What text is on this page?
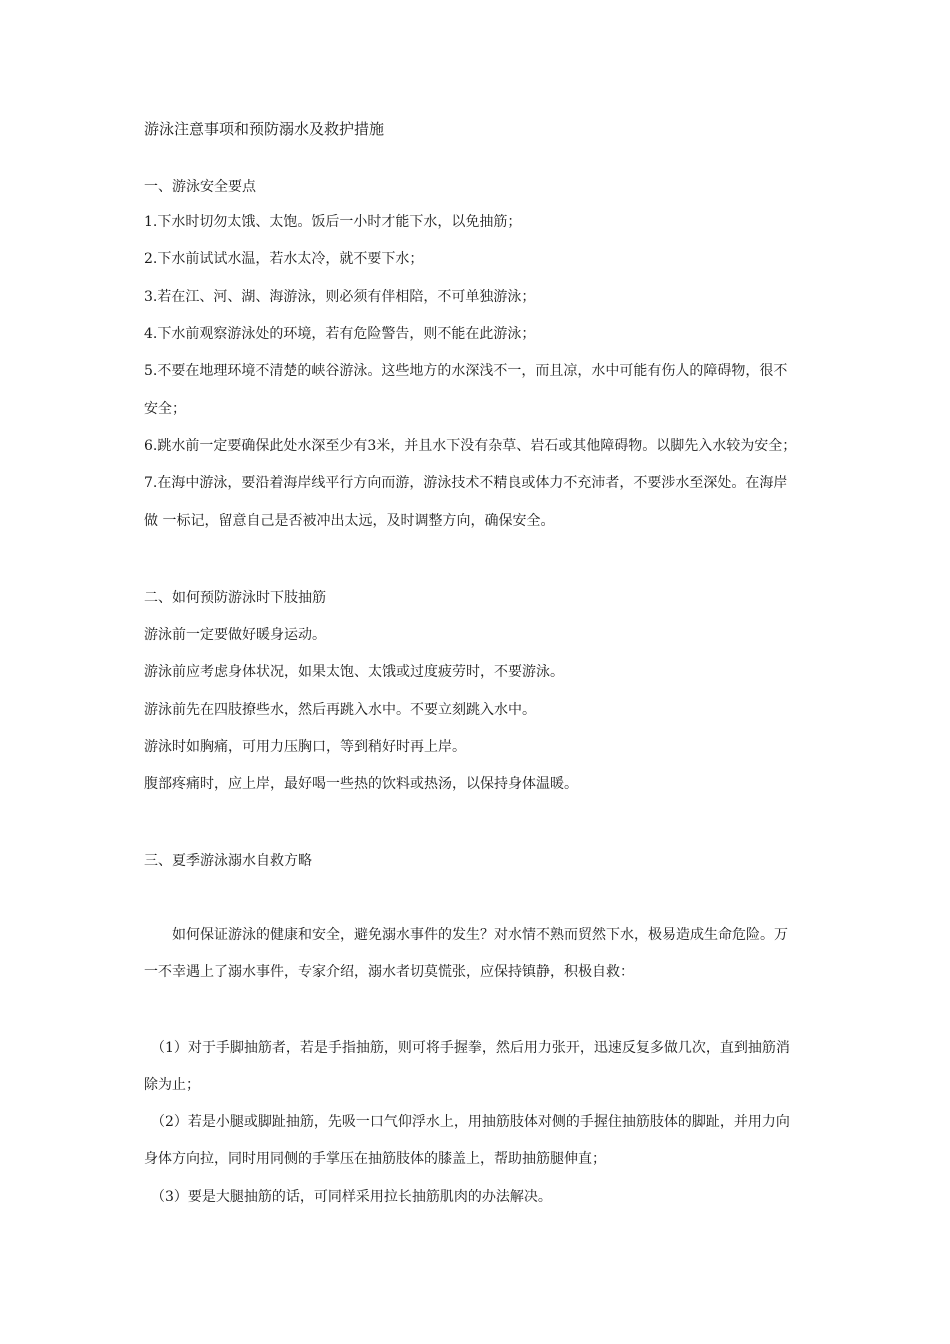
游泳注意事项和预防溺水及救护措施

一、游泳安全要点

1.下水时切勿太饿、太饱。饭后一小时才能下水，以免抽筋；

2.下水前试试水温，若水太冷，就不要下水；

3.若在江、河、湖、海游泳，则必须有伴相陪，不可单独游泳；

4.下水前观察游泳处的环境，若有危险警告，则不能在此游泳；

5.不要在地理环境不清楚的峡谷游泳。这些地方的水深浅不一，而且凉，水中可能有伤人的障碍物，很不

安全；

6.跳水前一定要确保此处水深至少有3米，并且水下没有杂草、岩石或其他障碍物。以脚先入水较为安全；

7.在海中游泳，要沿着海岸线平行方向而游，游泳技术不精良或体力不充沛者，不要涉水至深处。在海岸

做 一标记，留意自己是否被冲出太远，及时调整方向，确保安全。

二、如何预防游泳时下肢抽筋

游泳前一定要做好暖身运动。

游泳前应考虑身体状况，如果太饱、太饿或过度疲劳时，不要游泳。

游泳前先在四肢撩些水，然后再跳入水中。不要立刻跳入水中。

游泳时如胸痛，可用力压胸口，等到稍好时再上岸。

腹部疼痛时，应上岸，最好喝一些热的饮料或热汤，以保持身体温暖。

三、夏季游泳溺水自救方略

　　如何保证游泳的健康和安全，避免溺水事件的发生？对水情不熟而贸然下水，极易造成生命危险。万

一不幸遇上了溺水事件，专家介绍，溺水者切莫慌张，应保持镇静，积极自救：

　（1）对于手脚抽筋者，若是手指抽筋，则可将手握拳，然后用力张开，迅速反复多做几次，直到抽筋消

除为止；

　（2）若是小腿或脚趾抽筋，先吸一口气仰浮水上，用抽筋肢体对侧的手握住抽筋肢体的脚趾，并用力向

身体方向拉，同时用同侧的手掌压在抽筋肢体的膝盖上，帮助抽筋腿伸直；

　（3）要是大腿抽筋的话，可同样采用拉长抽筋肌肉的办法解决。
